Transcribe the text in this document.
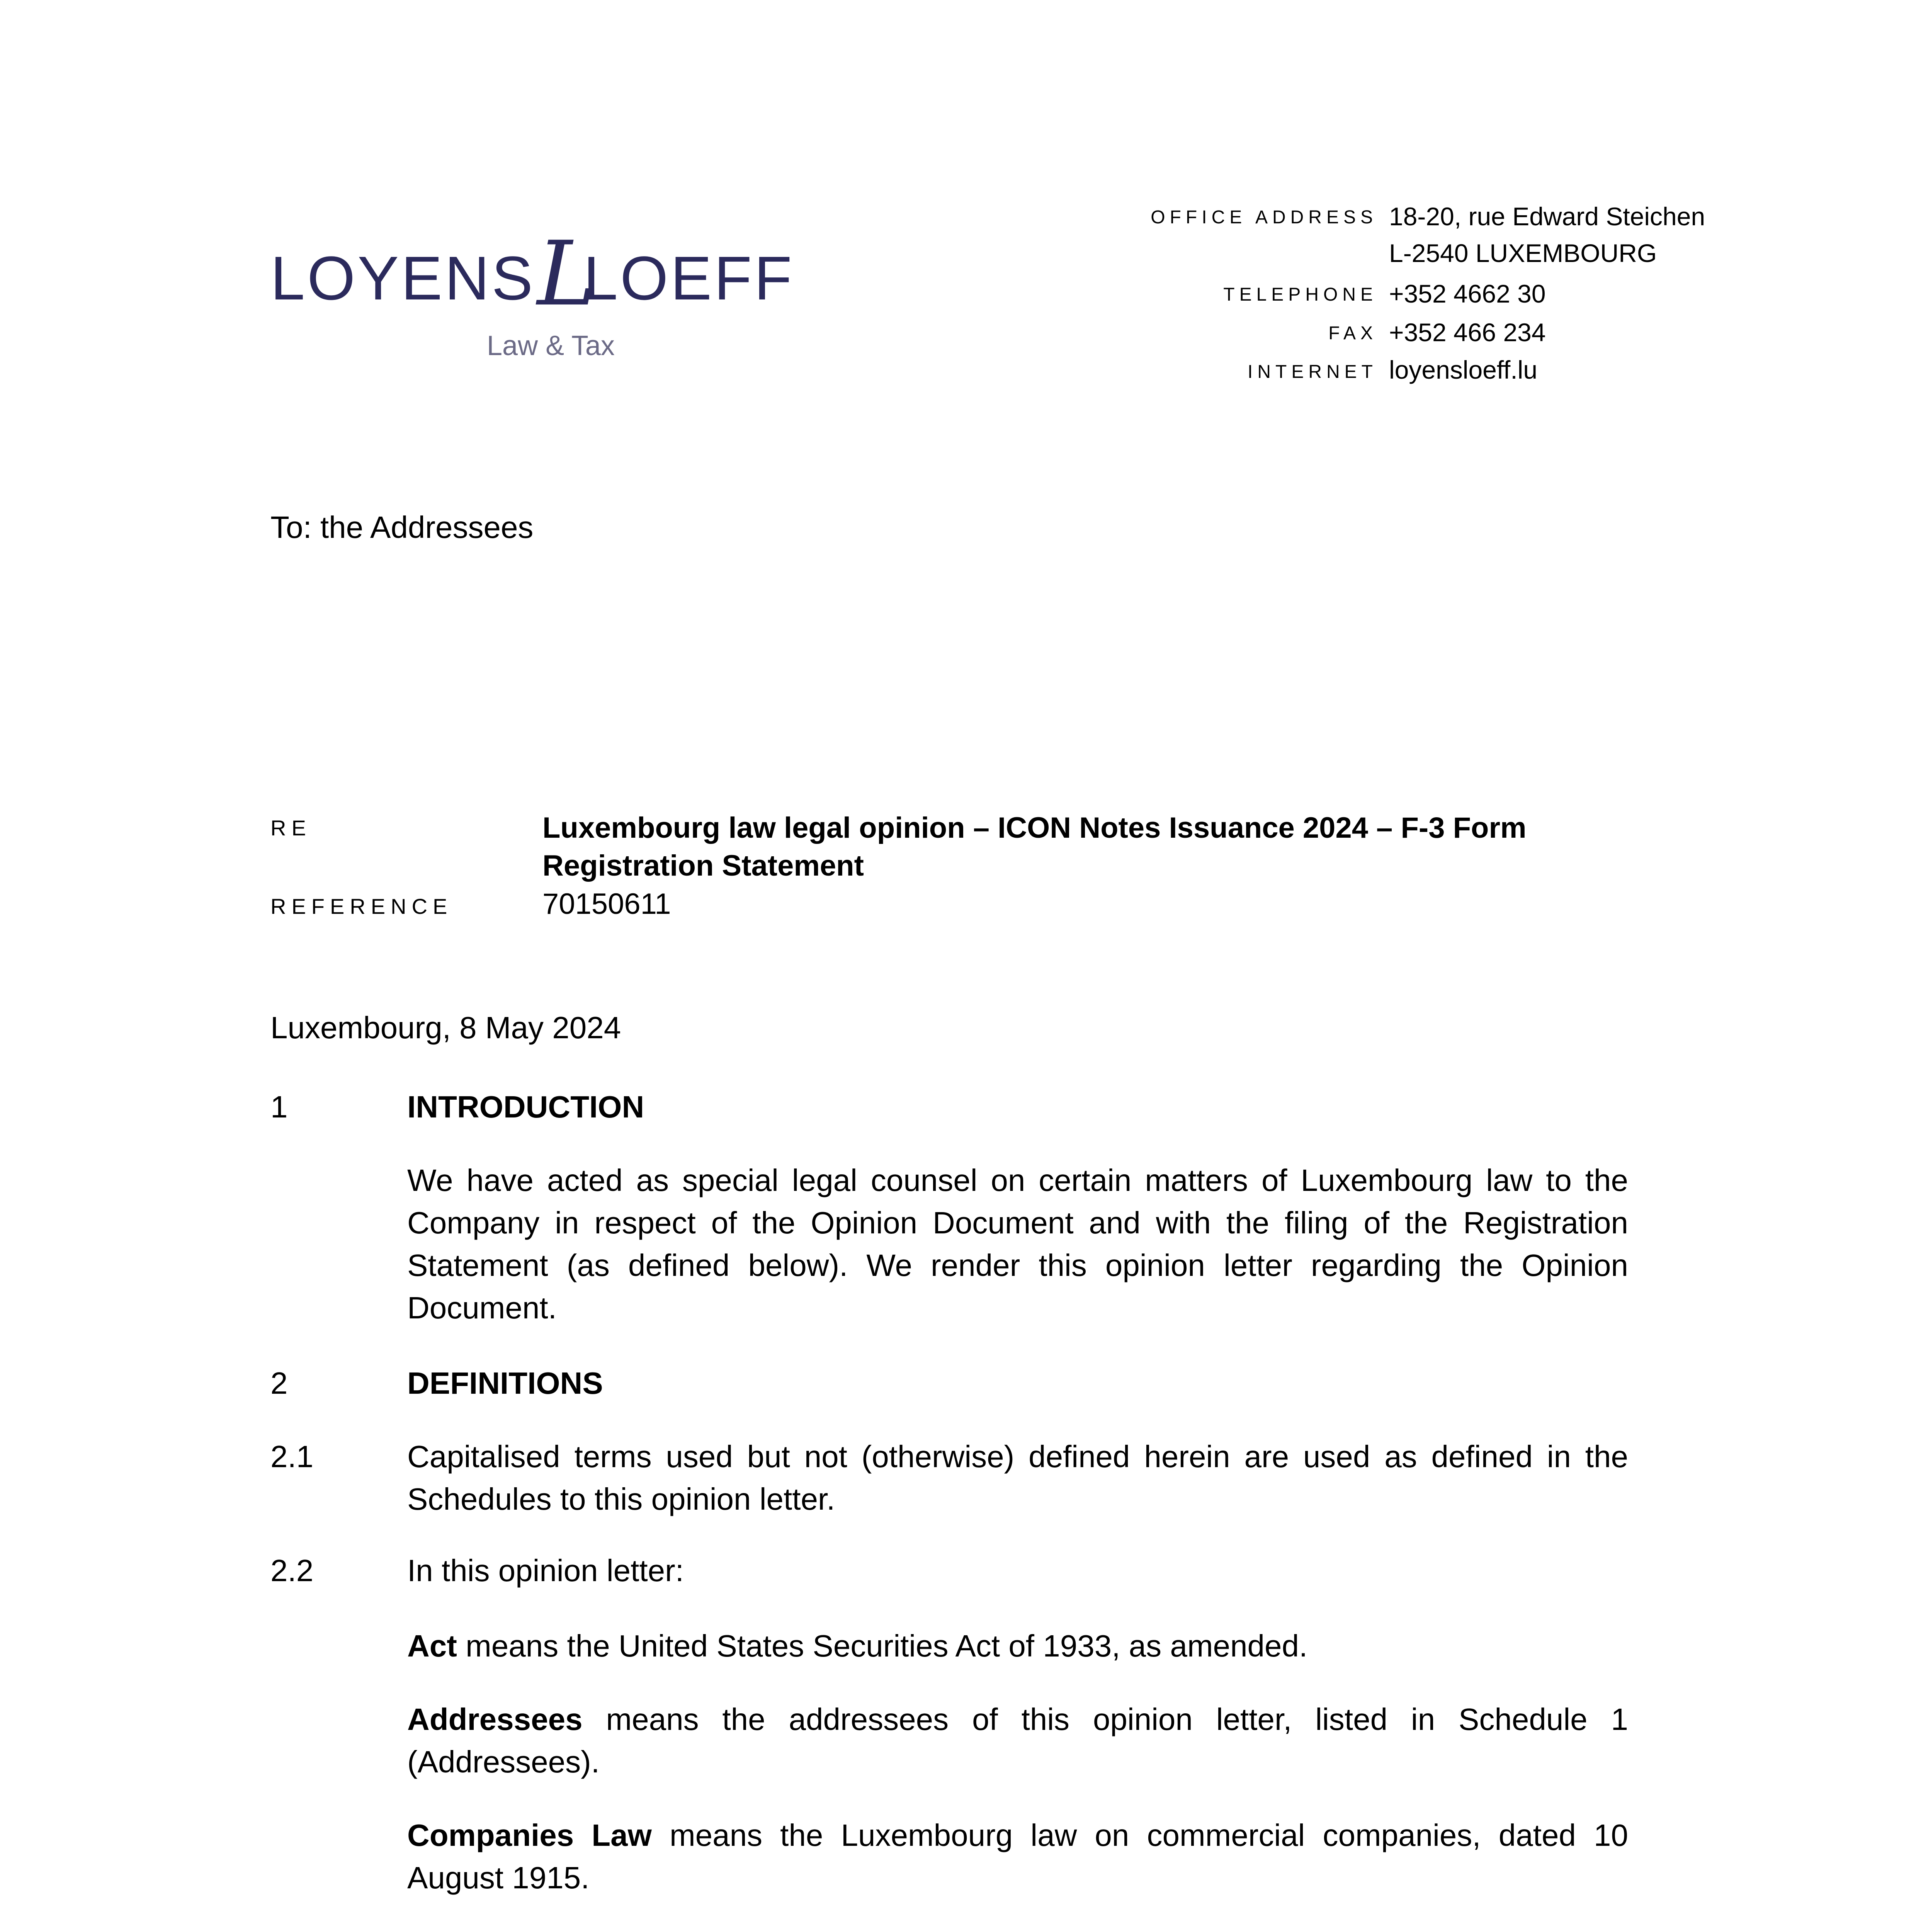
LOYENS L
LOEFF
Law & Tax
OFFICE ADDRESS 18-20, rue Edward Steichen
L-2540 LUXEMBOURG
TELEPHONE +352 4662 30
FAX +352 466 234
INTERNET loyensloeff.lu
To: the Addressees
RE	Luxembourg law legal opinion – ICON Notes Issuance 2024 – F-3 Form
Registration Statement
REFERENCE	70150611
Luxembourg, 8 May 2024
1	INTRODUCTION
We have acted as special legal counsel on certain matters of Luxembourg law to the Company in respect of the Opinion Document and with the filing of the Registration Statement (as defined below). We render this opinion letter regarding the Opinion Document.
2	DEFINITIONS
2.1	Capitalised terms used but not (otherwise) defined herein are used as defined in the Schedules to this opinion letter.
2.2	In this opinion letter:
Act means the United States Securities Act of 1933, as amended.
Addressees means the addressees of this opinion letter, listed in Schedule 1 (Addressees).
Companies Law means the Luxembourg law on commercial companies, dated 10 August 1915.
